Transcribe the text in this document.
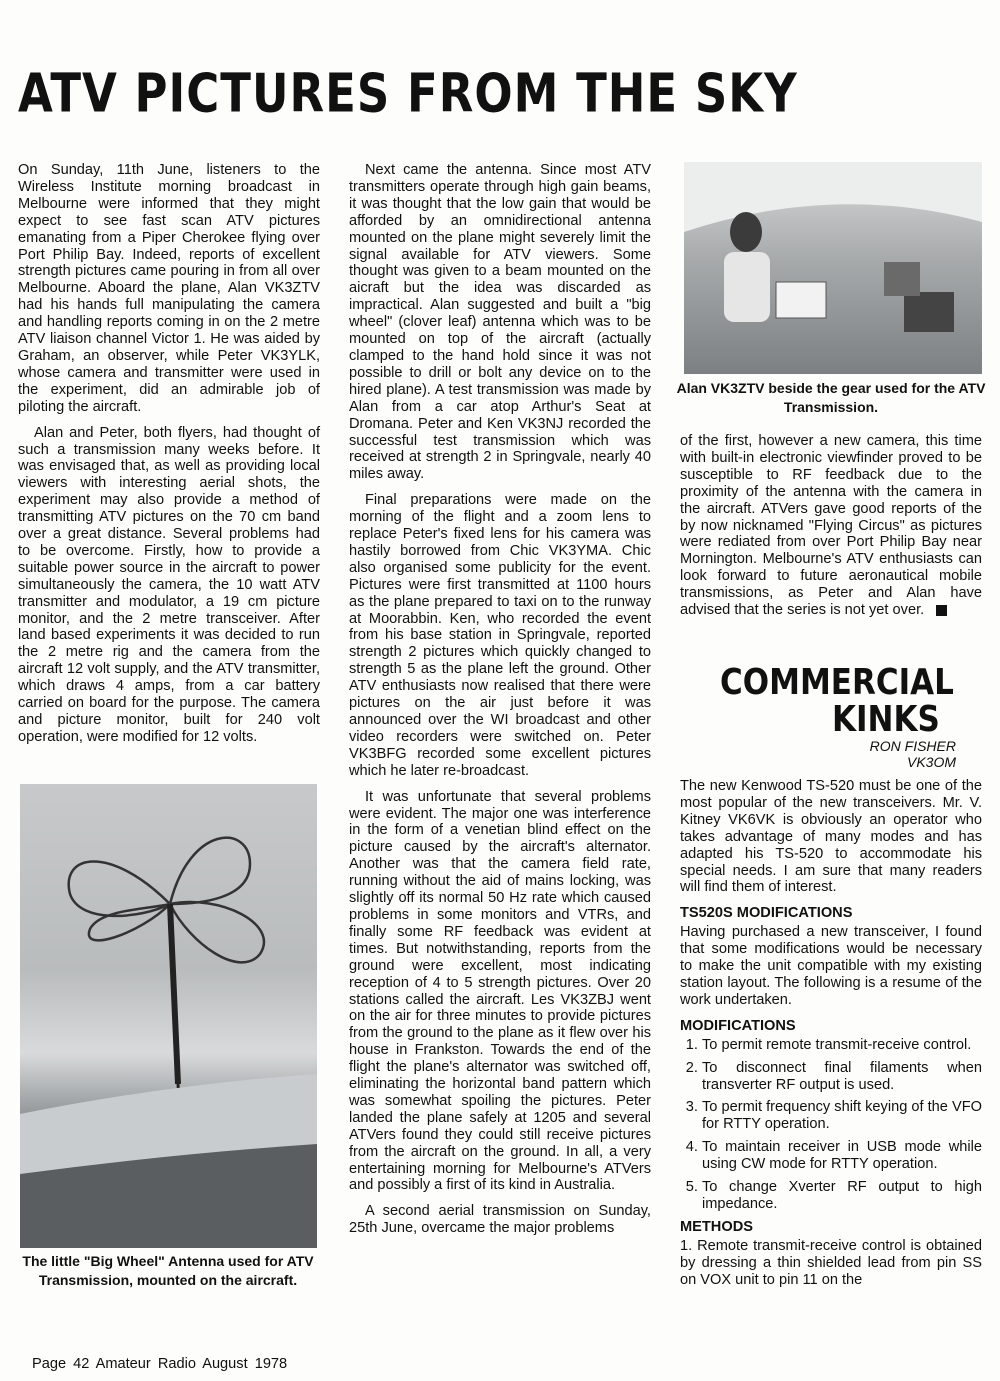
ATV PICTURES FROM THE SKY

On Sunday, 11th June, listeners to the Wireless Institute morning broadcast in Melbourne were informed that they might expect to see fast scan ATV pictures emanating from a Piper Cherokee flying over Port Philip Bay. Indeed, reports of excellent strength pictures came pouring in from all over Melbourne. Aboard the plane, Alan VK3ZTV had his hands full manipulating the camera and handling reports coming in on the 2 metre ATV liaison channel Victor 1. He was aided by Graham, an observer, while Peter VK3YLK, whose camera and transmitter were used in the experiment, did an admirable job of piloting the aircraft.

Alan and Peter, both flyers, had thought of such a transmission many weeks before. It was envisaged that, as well as providing local viewers with interesting aerial shots, the experiment may also provide a method of transmitting ATV pictures on the 70 cm band over a great distance. Several problems had to be overcome. Firstly, how to provide a suitable power source in the aircraft to power simultaneously the camera, the 10 watt ATV transmitter and modulator, a 19 cm picture monitor, and the 2 metre transceiver. After land based experiments it was decided to run the 2 metre rig and the camera from the aircraft 12 volt supply, and the ATV transmitter, which draws 4 amps, from a car battery carried on board for the purpose. The camera and picture monitor, built for 240 volt operation, were modified for 12 volts.

The little "Big Wheel" Antenna used for ATV Transmission, mounted on the aircraft.

Next came the antenna. Since most ATV transmitters operate through high gain beams, it was thought that the low gain that would be afforded by an omnidirectional antenna mounted on the plane might severely limit the signal available for ATV viewers. Some thought was given to a beam mounted on the aicraft but the idea was discarded as impractical. Alan suggested and built a "big wheel" (clover leaf) antenna which was to be mounted on top of the aircraft (actually clamped to the hand hold since it was not possible to drill or bolt any device on to the hired plane). A test transmission was made by Alan from a car atop Arthur's Seat at Dromana. Peter and Ken VK3NJ recorded the successful test transmission which was received at strength 2 in Springvale, nearly 40 miles away.

Final preparations were made on the morning of the flight and a zoom lens to replace Peter's fixed lens for his camera was hastily borrowed from Chic VK3YMA. Chic also organised some publicity for the event. Pictures were first transmitted at 1100 hours as the plane prepared to taxi on to the runway at Moorabbin. Ken, who recorded the event from his base station in Springvale, reported strength 2 pictures which quickly changed to strength 5 as the plane left the ground. Other ATV enthusiasts now realised that there were pictures on the air just before it was announced over the WI broadcast and other video recorders were switched on. Peter VK3BFG recorded some excellent pictures which he later re-broadcast.

It was unfortunate that several problems were evident. The major one was interference in the form of a venetian blind effect on the picture caused by the aircraft's alternator. Another was that the camera field rate, running without the aid of mains locking, was slightly off its normal 50 Hz rate which caused problems in some monitors and VTRs, and finally some RF feedback was evident at times. But notwithstanding, reports from the ground were excellent, most indicating reception of 4 to 5 strength pictures. Over 20 stations called the aircraft. Les VK3ZBJ went on the air for three minutes to provide pictures from the ground to the plane as it flew over his house in Frankston. Towards the end of the flight the plane's alternator was switched off, eliminating the horizontal band pattern which was somewhat spoiling the pictures. Peter landed the plane safely at 1205 and several ATVers found they could still receive pictures from the aircraft on the ground. In all, a very entertaining morning for Melbourne's ATVers and possibly a first of its kind in Australia.

A second aerial transmission on Sunday, 25th June, overcame the major problems

Alan VK3ZTV beside the gear used for the ATV Transmission.

of the first, however a new camera, this time with built-in electronic viewfinder proved to be susceptible to RF feedback due to the proximity of the antenna with the camera in the aircraft. ATVers gave good reports of the by now nicknamed "Flying Circus" as pictures were rediated from over Port Philip Bay near Mornington. Melbourne's ATV enthusiasts can look forward to future aeronautical mobile transmissions, as Peter and Alan have advised that the series is not yet over.

COMMERCIAL
KINKS
RON FISHER
VK3OM

The new Kenwood TS-520 must be one of the most popular of the new transceivers. Mr. V. Kitney VK6VK is obviously an operator who takes advantage of many modes and has adapted his TS-520 to accommodate his special needs. I am sure that many readers will find them of interest.

TS520S MODIFICATIONS

Having purchased a new transceiver, I found that some modifications would be necessary to make the unit compatible with my existing station layout. The following is a resume of the work undertaken.

MODIFICATIONS
1. To permit remote transmit-receive control.
2. To disconnect final filaments when transverter RF output is used.
3. To permit frequency shift keying of the VFO for RTTY operation.
4. To maintain receiver in USB mode while using CW mode for RTTY operation.
5. To change Xverter RF output to high impedance.
METHODS

1. Remote transmit-receive control is obtained by dressing a thin shielded lead from pin SS on VOX unit to pin 11 on the

Page 42 Amateur Radio August 1978
